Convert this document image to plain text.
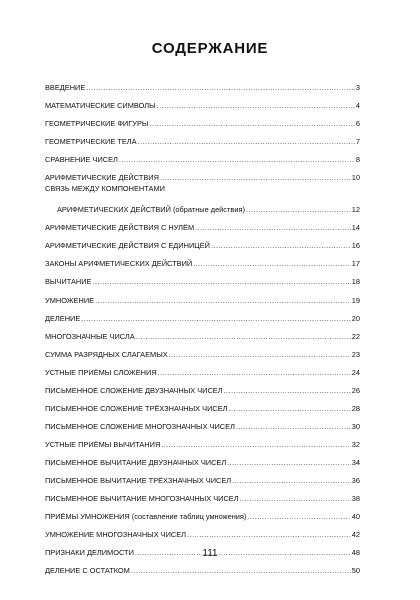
СОДЕРЖАНИЕ
ВВЕДЕНИЕ .....	3
МАТЕМАТИЧЕСКИЕ СИМВОЛЫ .....	4
ГЕОМЕТРИЧЕСКИЕ ФИГУРЫ .....	6
ГЕОМЕТРИЧЕСКИЕ ТЕЛА .....	7
СРАВНЕНИЕ ЧИСЕЛ .....	8
АРИФМЕТИЧЕСКИЕ ДЕЙСТВИЯ .....	10
СВЯЗЬ МЕЖДУ КОМПОНЕНТАМИ
АРИФМЕТИЧЕСКИХ ДЕЙСТВИЙ (обратные действия) .....	12
АРИФМЕТИЧЕСКИЕ ДЕЙСТВИЯ С НУЛЁМ .....	14
АРИФМЕТИЧЕСКИЕ ДЕЙСТВИЯ С ЕДИНИЦЕЙ .....	16
ЗАКОНЫ АРИФМЕТИЧЕСКИХ ДЕЙСТВИЙ .....	17
ВЫЧИТАНИЕ .....	18
УМНОЖЕНИЕ .....	19
ДЕЛЕНИЕ .....	20
МНОГОЗНАЧНЫЕ ЧИСЛА .....	22
СУММА РАЗРЯДНЫХ СЛАГАЕМЫХ .....	23
УСТНЫЕ ПРИЁМЫ СЛОЖЕНИЯ .....	24
ПИСЬМЕННОЕ СЛОЖЕНИЕ ДВУЗНАЧНЫХ ЧИСЕЛ .....	26
ПИСЬМЕННОЕ СЛОЖЕНИЕ ТРЁХЗНАЧНЫХ ЧИСЕЛ .....	28
ПИСЬМЕННОЕ СЛОЖЕНИЕ МНОГОЗНАЧНЫХ ЧИСЕЛ .....	30
УСТНЫЕ ПРИЁМЫ ВЫЧИТАНИЯ .....	32
ПИСЬМЕННОЕ ВЫЧИТАНИЕ ДВУЗНАЧНЫХ ЧИСЕЛ .....	34
ПИСЬМЕННОЕ ВЫЧИТАНИЕ ТРЁХЗНАЧНЫХ ЧИСЕЛ .....	36
ПИСЬМЕННОЕ ВЫЧИТАНИЕ МНОГОЗНАЧНЫХ ЧИСЕЛ .....	38
ПРИЁМЫ УМНОЖЕНИЯ (составление таблиц умножения) .....	40
УМНОЖЕНИЕ МНОГОЗНАЧНЫХ ЧИСЕЛ .....	42
ПРИЗНАКИ ДЕЛИМОСТИ .....	48
ДЕЛЕНИЕ С ОСТАТКОМ .....	50
111
